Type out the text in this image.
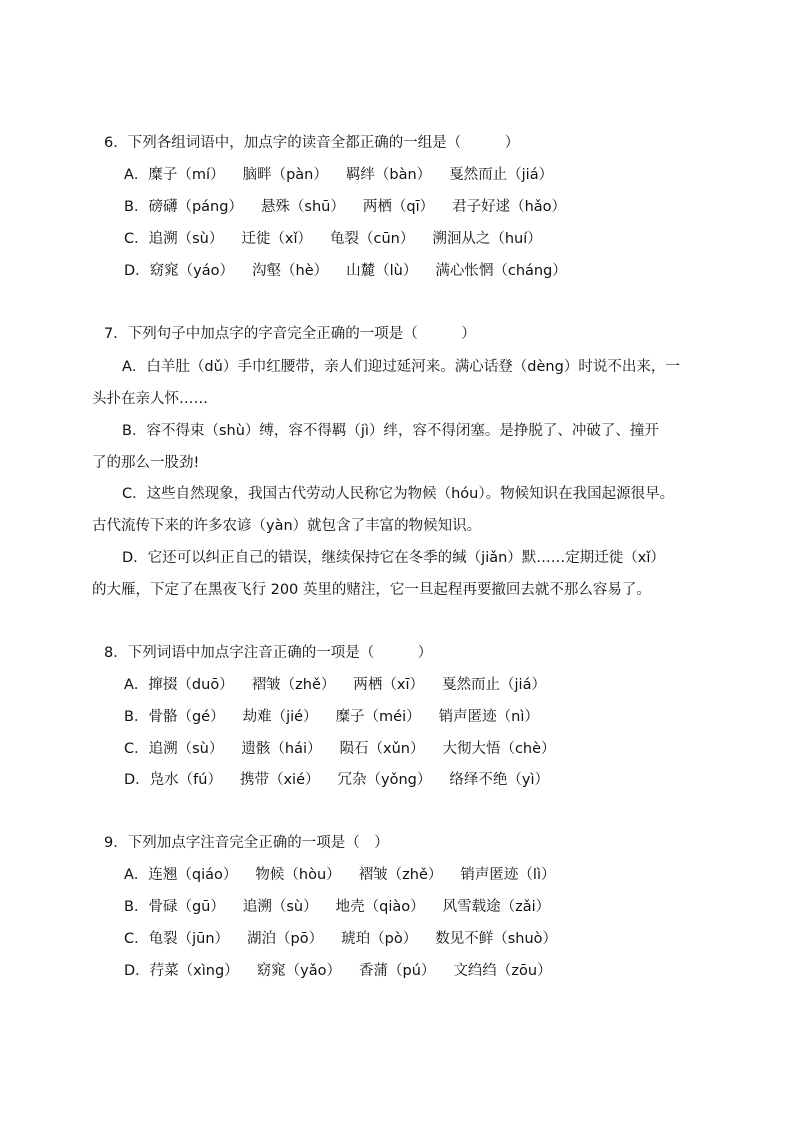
6．下列各组词语中，加点字的读音全都正确的一组是（　　　）
A．糜子（mí） 脑畔（pàn） 羁绊（bàn） 戛然而止（jiá）
B．磅礴（páng） 悬殊（shū） 两栖（qī） 君子好逑（hǎo）
C．追溯（sù） 迁徙（xǐ） 龟裂（cūn） 溯洄从之（huí）
D．窈窕（yáo） 沟壑（hè） 山麓（lù） 满心怅惘（cháng）
7．下列句子中加点字的字音完全正确的一项是（　　　）
A．白羊肚（dǔ）手巾红腰带，亲人们迎过延河来。满心话登（dèng）时说不出来，一
头扑在亲人怀……
B．容不得束（shù）缚，容不得羁（jì）绊，容不得闭塞。是挣脱了、冲破了、撞开
了的那么一股劲!
C．这些自然现象，我国古代劳动人民称它为物候（hóu）。物候知识在我国起源很早。
古代流传下来的许多农谚（yàn）就包含了丰富的物候知识。
D．它还可以纠正自己的错误，继续保持它在冬季的缄（jiǎn）默……定期迁徙（xǐ）
的大雁，下定了在黑夜飞行 200 英里的赌注，它一旦起程再要撤回去就不那么容易了。
8．下列词语中加点字注音正确的一项是（　　　）
A．撺掇（duō） 褶皱（zhě） 两栖（xī） 戛然而止（jiá）
B．骨骼（gé） 劫难（jié） 糜子（méi） 销声匿迹（nì）
C．追溯（sù） 遗骸（hái） 陨石（xǔn） 大彻大悟（chè）
D．凫水（fú） 携带（xié） 冗杂（yǒng） 络绎不绝（yì）
9．下列加点字注音完全正确的一项是（　）
A．连翘（qiáo） 物候（hòu） 褶皱（zhě） 销声匿迹（lì）
B．骨碌（gū） 追溯（sù） 地壳（qiào） 风雪载途（zǎi）
C．龟裂（jūn） 湖泊（pō） 琥珀（pò） 数见不鲜（shuò）
D．荇菜（xìng） 窈窕（yǎo） 香蒲（pú） 文绉绉（zōu）
